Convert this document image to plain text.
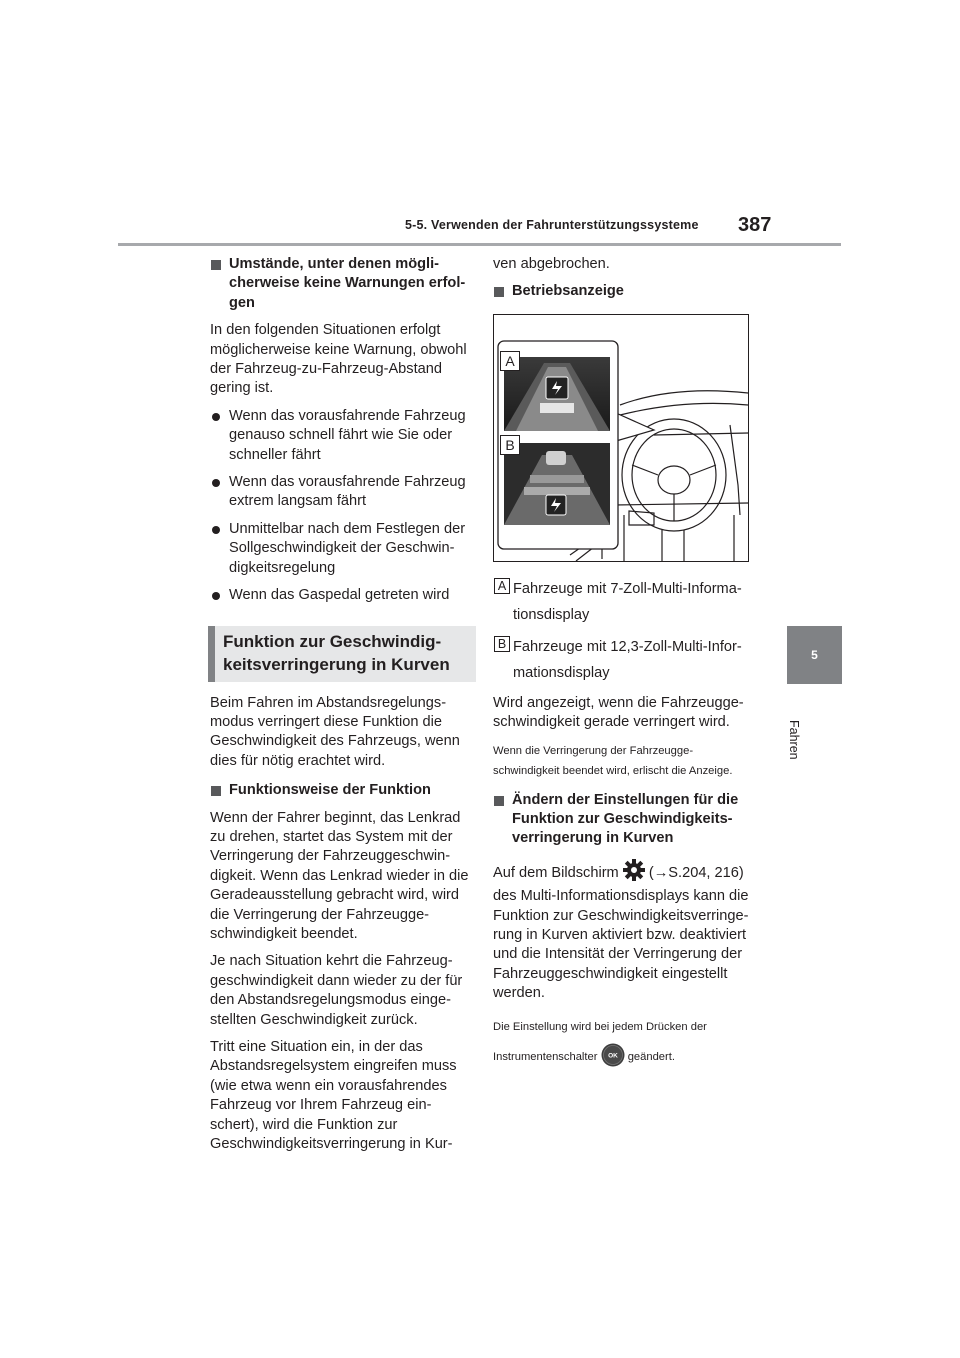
5-5. Verwenden der Fahrunterstützungssysteme 387
5
Fahren

Umstände, unter denen mögli-cherweise keine Warnungen erfol-gen

In den folgenden Situationen erfolgt möglicherweise keine Warnung, obwohl der Fahrzeug-zu-Fahrzeug-Abstand gering ist.

Wenn das vorausfahrende Fahrzeug genauso schnell fährt wie Sie oder schneller fährt

Wenn das vorausfahrende Fahrzeug extrem langsam fährt

Unmittelbar nach dem Festlegen der Sollgeschwindigkeit der Geschwin-digkeitsregelung

Wenn das Gaspedal getreten wird

Funktion zur Geschwindig-keitsverringerung in Kurven

Beim Fahren im Abstandsregelungs-modus verringert diese Funktion die Geschwindigkeit des Fahrzeugs, wenn dies für nötig erachtet wird.

Funktionsweise der Funktion

Wenn der Fahrer beginnt, das Lenkrad zu drehen, startet das System mit der Verringerung der Fahrzeuggeschwin-digkeit. Wenn das Lenkrad wieder in die Geradeausstellung gebracht wird, wird die Verringerung der Fahrzeugge-schwindigkeit beendet.

Je nach Situation kehrt die Fahrzeug-geschwindigkeit dann wieder zu der für den Abstandsregelungsmodus einge-stellten Geschwindigkeit zurück.

Tritt eine Situation ein, in der das Abstandsregelsystem eingreifen muss (wie etwa wenn ein vorausfahrendes Fahrzeug vor Ihrem Fahrzeug ein-schert), wird die Funktion zur Geschwindigkeitsverringerung in Kur-

ven abgebrochen.

Betriebsanzeige

A
B
A Fahrzeuge mit 7-Zoll-Multi-Informa-tionsdisplay

B Fahrzeuge mit 12,3-Zoll-Multi-Infor-mationsdisplay

Wird angezeigt, wenn die Fahrzeugge-schwindigkeit gerade verringert wird.

Wenn die Verringerung der Fahrzeugge-schwindigkeit beendet wird, erlischt die Anzeige.

Ändern der Einstellungen für die Funktion zur Geschwindigkeits-verringerung in Kurven

Auf dem Bildschirm (→S.204, 216) des Multi-Informationsdisplays kann die Funktion zur Geschwindigkeitsverringe-rung in Kurven aktiviert bzw. deaktiviert und die Intensität der Verringerung der Fahrzeuggeschwindigkeit eingestellt werden.

Die Einstellung wird bei jedem Drücken der Instrumentenschalter OK geändert.
